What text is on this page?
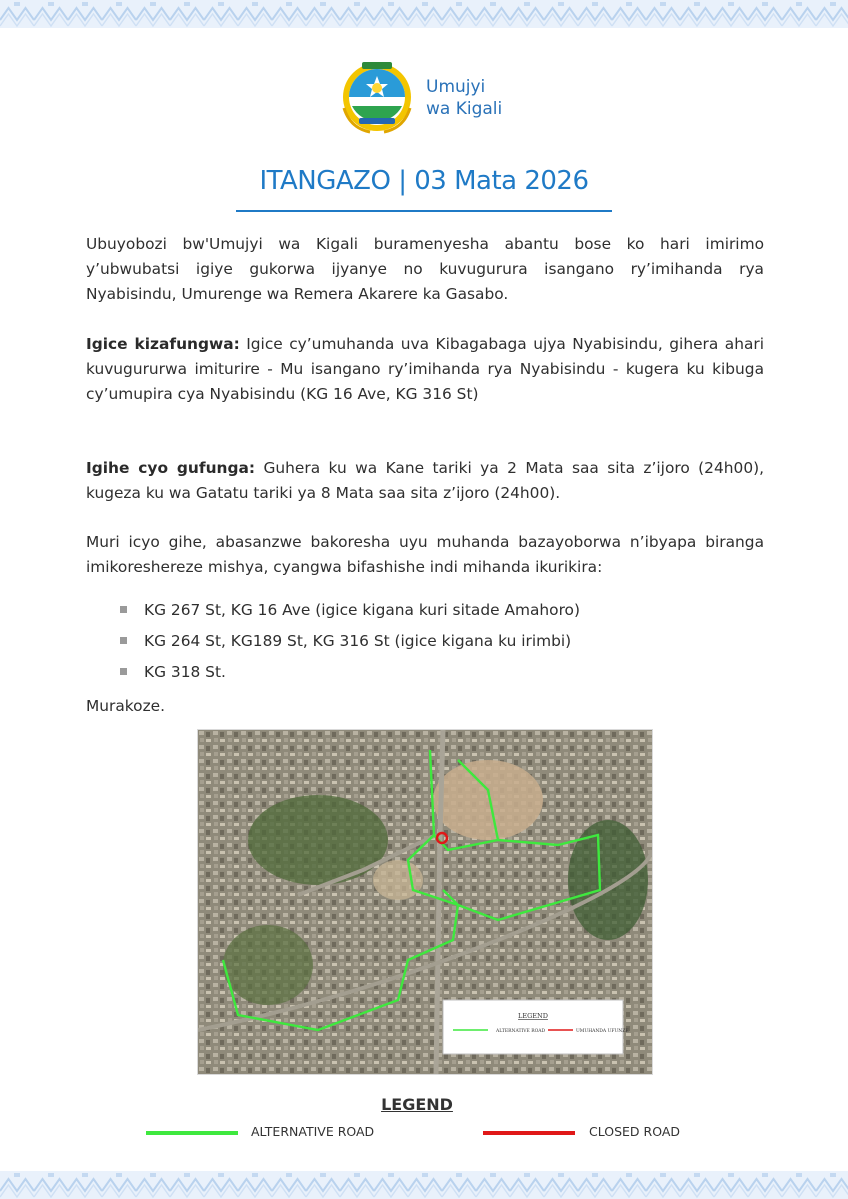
Umujyi
wa Kigali
ITANGAZO | 03 Mata 2026

Ubuyobozi bw'Umujyi wa Kigali buramenyesha abantu bose ko hari imirimo y’ubwubatsi igiye gukorwa ijyanye no kuvugurura isangano ry’imihanda rya Nyabisindu, Umurenge wa Remera Akarere ka Gasabo.

Igice kizafungwa: Igice cy’umuhanda uva Kibagabaga ujya Nyabisindu, gihera ahari kuvugururwa imiturire - Mu isangano ry’imihanda rya Nyabisindu - kugera ku kibuga cy’umupira cya Nyabisindu (KG 16 Ave, KG 316 St)

Igihe cyo gufunga: Guhera ku wa Kane tariki ya 2 Mata saa sita z’ijoro (24h00), kugeza ku wa Gatatu tariki ya 8 Mata saa sita z’ijoro (24h00).

Muri icyo gihe, abasanzwe bakoresha uyu muhanda bazayoborwa n’ibyapa biranga imikoreshereze mishya, cyangwa bifashishe indi mihanda ikurikira:

KG 267 St, KG 16 Ave (igice kigana kuri sitade Amahoro)
KG 264 St, KG189 St, KG 316 St (igice kigana ku irimbi)
KG 318 St.
Murakoze.
LEGEND
ALTERNATIVE ROAD	UMUHANDA UFUNZE
LEGEND
ALTERNATIVE ROAD	CLOSED ROAD
